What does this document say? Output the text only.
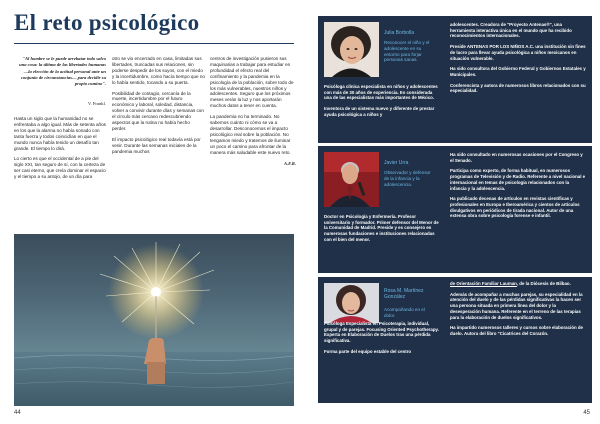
El reto psicológico
"Al hombre se le puede arrebatar todo salvo una cosa: la última de las libertades humanas —la elección de la actitud personal ante un conjunto de circunstancias— para decidir su propio camino".
V. Frankl.

Hasta un siglo que la humanidad no se enfrentaba a algo igual. Más de setenta años en los que la alarma no había sonado con tanta fuerza y todos coincidían en que el mundo nunca había tenido un desafío tan grande. El tiempo lo dirá.

Lo cierto es que el occidental de a pie del siglo XXI, tan seguro de sí, con la certeza de ser casi eterno, que creía dominar el espacio y el tiempo a su antojo, de un día para

otro se vio encerrado en casa, limitadas sus libertades, truncadas sus relaciones, sin poderse despedir de los suyos, con el miedo y la incertidumbre, como hacía tiempo que no lo había sentido, tocando a su puerta.

Posibilidad de contagio, cercanía de la muerte, incertidumbre por el futuro económico y laboral, soledad, distancia, volver a convivir durante días y semanas con el círculo más cercano redescubriendo aspectos que la rutina no había hecho perder.

El impacto psicológico real todavía está por venir. Durante las semanas iniciales de la pandemia muchos

centros de investigación pusieron sus maquinarias a trabajar para estudiar en profundidad el efecto real del confinamiento y la pandemia en la psicología de la población, sobre todo de los más vulnerables, nuestros niños y adolescentes. Seguro que los próximos meses verán la luz y nos aportarán muchos datos a tener en cuenta.

La pandemia no ha terminado. No sabemos cuánto ni cómo se va a desarrollar. Desconocemos el impacto psicológico real sobre la población. No tengamos miedo y tratemos de iluminar un poco el camino para afrontar de la manera más saludable este nuevo reto.

A.F.R.

44
Julia Borbolla
Reconocer el niño y el adolescente en su entorno para forjar personas sanas.

Psicóloga clínica especialista en niños y adolescentes con más de 30 años de experiencia. Es considerada una de las especialistas más importantes de México.

Inventora de un sistema nuevo y diferente de prestar ayuda psicológica a niños y

adolescentes. Creadora de "Proyecto Antenas®", una herramienta interactiva única en el mundo que ha recibido reconocimientos internacionales.

Preside ANTENAS POR LOS NIÑOS A.C. una institución sin fines de lucro para llevar ayuda psicológica a niños mexicanos en situación vulnerable.

Ha sido consultora del Gobierno Federal y Gobiernos Estatales y Municipales.

Conferencista y autora de numerosos libros relacionados con su especialidad.

Javier Urra
Observador y defensor de la infancia y la adolescencia.

Doctor en Psicología y Enfermería. Profesor universitario y formador. Primer defensor del Menor de la Comunidad de Madrid. Preside y es consejero en numerosas fundaciones e instituciones relacionadas con el bien del menor.

Ha sido consultado en numerosas ocasiones por el Congreso y el Senado.

Participa como experto, de forma habitual, en numerosos programas de Televisión y de Radio. Referente a nivel nacional e internacional en temas de psicología relacionados con la infancia y la adolescencia.

Ha publicado decenas de artículos en revistas científicas y profesionales en Europa e Iberoamérica y cientos de artículos divulgativos en periódicos de tirada nacional. Autor de una extensa obra sobre psicología forense e infantil.

Rosa M. Martínez González
Acompañando en el dolor.

Psicóloga Especialista en Psicoterapia, individual, grupal y de parejas. Focusing Oriented Psychotherapy. Experta en Elaboración de Duelos tras una pérdida significativa.

Forma parte del equipo estable del centro

de Orientación Familiar Lauman, de la Diócesis de Bilbao.

Además de acompañar a muchas parejas, su especialidad en la atención del duelo y de las pérdidas significativas la hacen ser una persona situada en primera línea del dolor y la desesperación humana. Referente en el terreno de las terapias para la elaboración de duelos significativos.

Ha impartido numerosos talleres y cursos sobre elaboración de duelo. Autora del libro "Cicatrices del Corazón.

45
